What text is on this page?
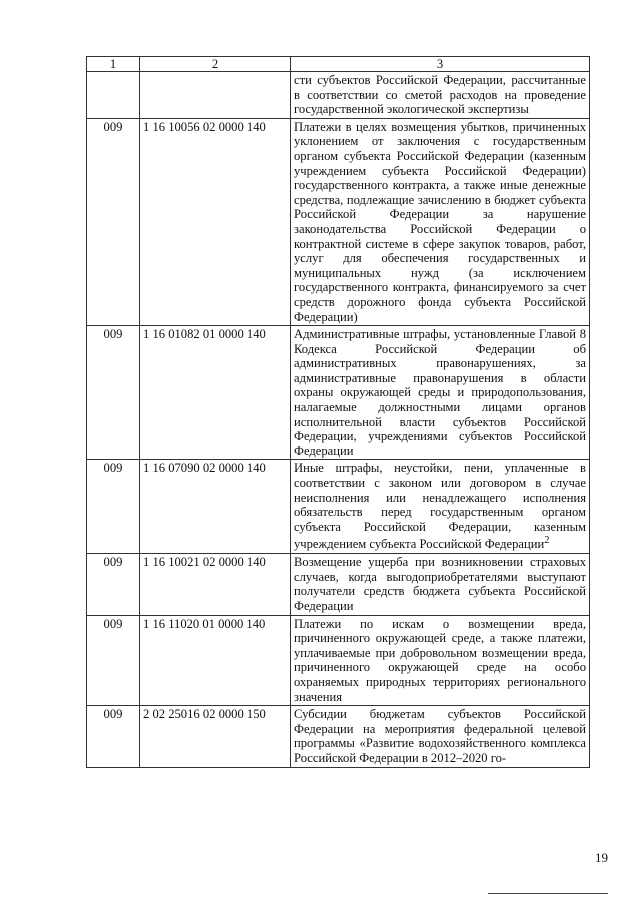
1	2	3
		сти субъектов Российской Федерации, рассчитанные в соответствии со сметой расходов на проведение государственной экологической экспертизы
009	1 16 10056 02 0000 140	Платежи в целях возмещения убытков, причиненных уклонением от заключения с государственным органом субъекта Российской Федерации (казенным учреждением субъекта Российской Федерации) государственного контракта, а также иные денежные средства, подлежащие зачислению в бюджет субъекта Российской Федерации за нарушение законодательства Российской Федерации о контрактной системе в сфере закупок товаров, работ, услуг для обеспечения государственных и муниципальных нужд (за исключением государственного контракта, финансируемого за счет средств дорожного фонда субъекта Российской Федерации)
009	1 16 01082 01 0000 140	Административные штрафы, установленные Главой 8 Кодекса Российской Федерации об административных правонарушениях, за административные правонарушения в области охраны окружающей среды и природопользования, налагаемые должностными лицами органов исполнительной власти субъектов Российской Федерации, учреждениями субъектов Российской Федерации
009	1 16 07090 02 0000 140	Иные штрафы, неустойки, пени, уплаченные в соответствии с законом или договором в случае неисполнения или ненадлежащего исполнения обязательств перед государственным органом субъекта Российской Федерации, казенным учреждением субъекта Российской Федерации$^2$
009	1 16 10021 02 0000 140	Возмещение ущерба при возникновении страховых случаев, когда выгодоприобретателями выступают получатели средств бюджета субъекта Российской Федерации
009	1 16 11020 01 0000 140	Платежи по искам о возмещении вреда, причиненного окружающей среде, а также платежи, уплачиваемые при добровольном возмещении вреда, причиненного окружающей среде на особо охраняемых природных территориях регионального значения
009	2 02 25016 02 0000 150	Субсидии бюджетам субъектов Российской Федерации на мероприятия федеральной целевой программы «Развитие водохозяйственного комплекса Российской Федерации в 2012–2020 го-
19
